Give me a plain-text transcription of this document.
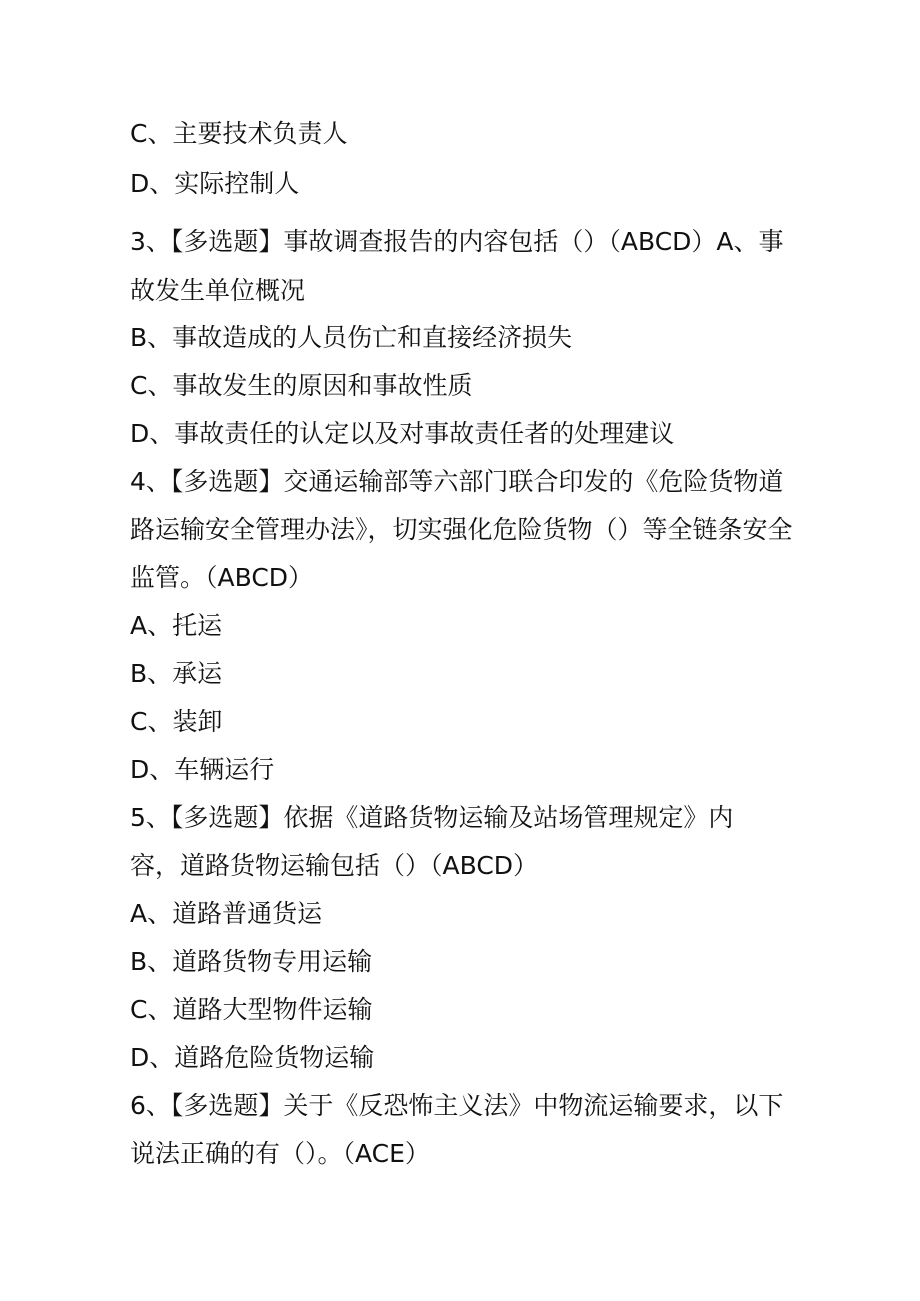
C、主要技术负责人
D、实际控制人
3、【多选题】事故调查报告的内容包括（）（ABCD）A、事
故发生单位概况
B、事故造成的人员伤亡和直接经济损失
C、事故发生的原因和事故性质
D、事故责任的认定以及对事故责任者的处理建议
4、【多选题】交通运输部等六部门联合印发的《危险货物道
路运输安全管理办法》，切实强化危险货物（）等全链条安全
监管。（ABCD）
A、托运
B、承运
C、装卸
D、车辆运行
5、【多选题】依据《道路货物运输及站场管理规定》内
容，道路货物运输包括（）（ABCD）
A、道路普通货运
B、道路货物专用运输
C、道路大型物件运输
D、道路危险货物运输
6、【多选题】关于《反恐怖主义法》中物流运输要求，以下
说法正确的有（）。（ACE）
